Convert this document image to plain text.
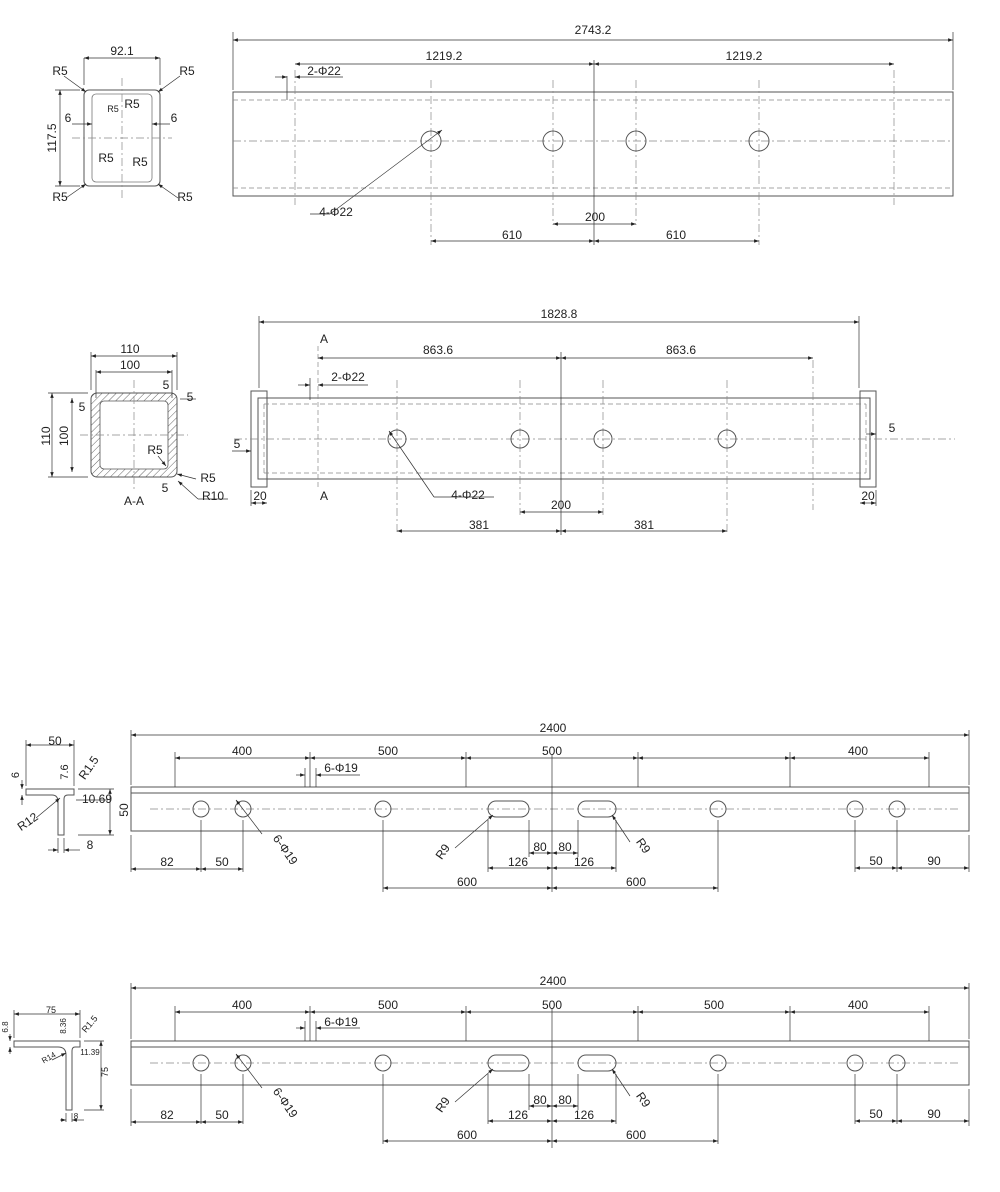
92.1
117.5
6	6
R5	R5
R5 R5
R5 R5
R5	R5
2743.2
1219.2	1219.2
2-Φ22
4-Φ22	200
610	610
110
100
110 100
5
5
5
5
R5
R5
R10
A-A
A
A
1828.8
863.6	863.6
2-Φ22
4-Φ22
200
381	381
20	20
5
5
50
50
6	7.6 R1.5
10.69
R12
8
2400
400	500	500	400
6-Φ19
6-Φ19	R9	R9
82	50
80 80
126	126
600	600
50	90
75
75
6.8	8.36 R1.5
11.39
R14
8
2400
400	500	500	500	400
6-Φ19
6-Φ19	R9	R9
82	50
80 80
126	126
600	600
50	90
